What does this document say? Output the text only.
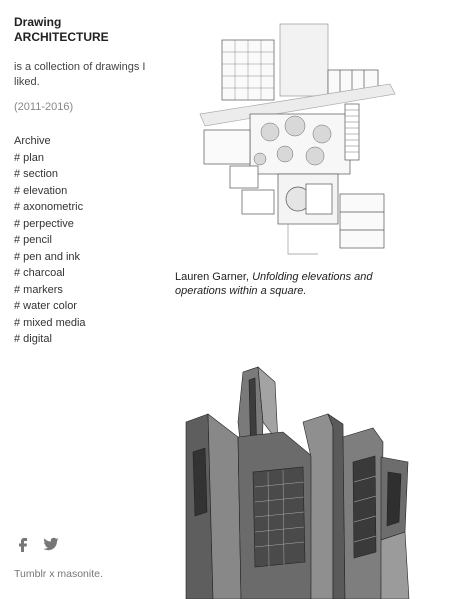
Drawing
ARCHITECTURE
is a collection of drawings I liked.
(2011-2016)
Archive
# plan
# section
# elevation
# axonometric
# perpective
# pencil
# pen and ink
# charcoal
# markers
# water color
# mixed media
# digital
Tumblr x masonite.
Lauren Garner, Unfolding elevations and operations within a square.
